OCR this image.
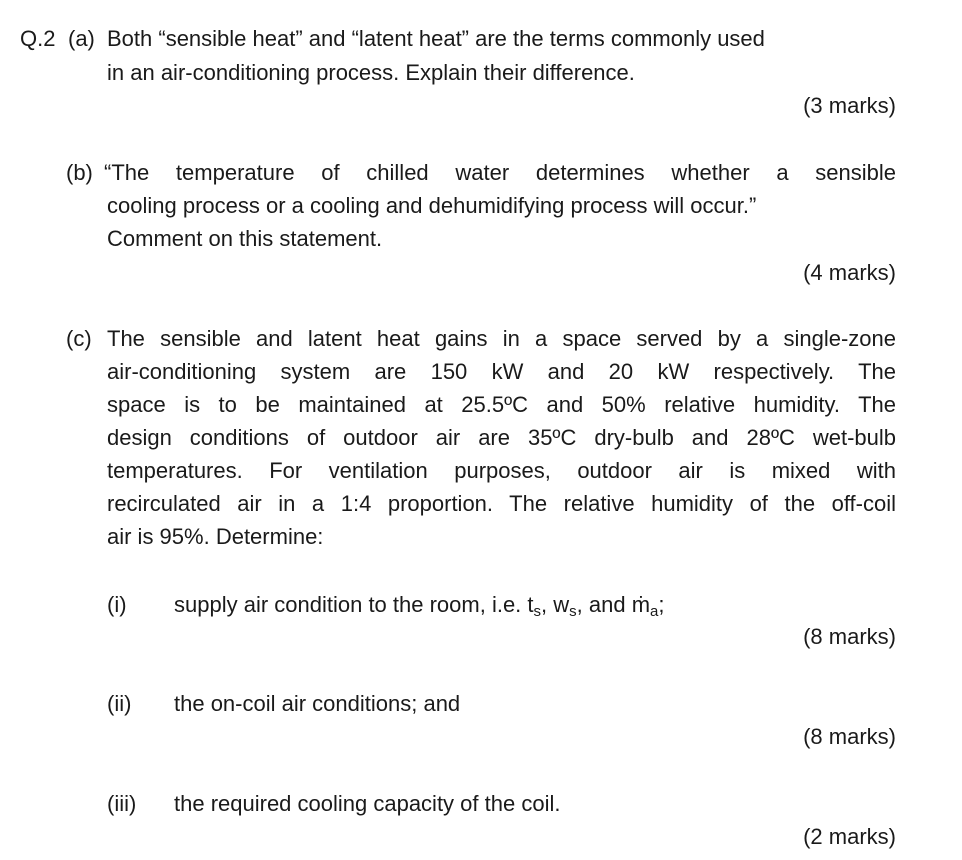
Q.2 (a) Both “sensible heat” and “latent heat” are the terms commonly used
in an air-conditioning process. Explain their difference.
(3 marks)
(b) “The temperature of chilled water determines whether a sensible
cooling process or a cooling and dehumidifying process will occur.”
Comment on this statement.
(4 marks)
(c) The sensible and latent heat gains in a space served by a single-zone
air-conditioning system are 150 kW and 20 kW respectively. The
space is to be maintained at 25.5ºC and 50% relative humidity. The
design conditions of outdoor air are 35ºC dry-bulb and 28ºC wet-bulb
temperatures. For ventilation purposes, outdoor air is mixed with
recirculated air in a 1:4 proportion. The relative humidity of the off-coil
air is 95%. Determine:
(i) supply air condition to the room, i.e. $t_s$, $w_s$, and ṁ$_a$;
(8 marks)
(ii) the on-coil air conditions; and
(8 marks)
(iii) the required cooling capacity of the coil.
(2 marks)
